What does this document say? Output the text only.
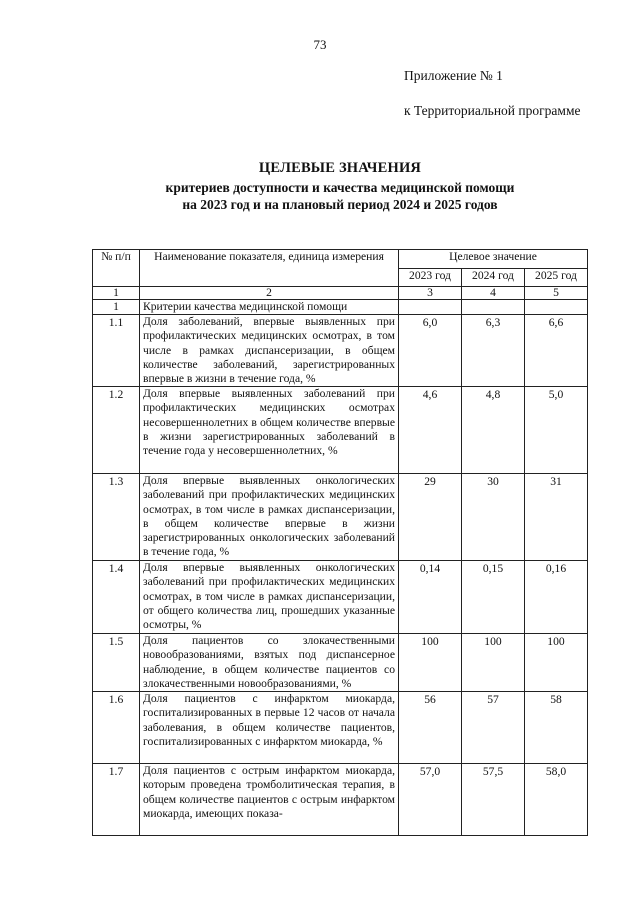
73
Приложение № 1
к Территориальной программе
ЦЕЛЕВЫЕ ЗНАЧЕНИЯ
критериев доступности и качества медицинской помощи
на 2023 год и на плановый период 2024 и 2025 годов
№ п/п	Наименование показателя, единица измерения	Целевое значение		
		2023 год	2024 год	2025 год
1	2	3	4	5
1	Критерии качества медицинской помощи			
1.1	Доля заболеваний, впервые выявленных при профилактических медицинских осмотрах, в том числе в рамках диспансеризации, в общем количестве заболеваний, зарегистрированных впервые в жизни в течение года, %	6,0	6,3	6,6
1.2	Доля впервые выявленных заболеваний при профилактических медицинских осмотрах несовершеннолетних в общем количестве впервые в жизни зарегистрированных заболеваний в течение года у несовершеннолетних, %	4,6	4,8	5,0
1.3	Доля впервые выявленных онкологических заболеваний при профилактических медицинских осмотрах, в том числе в рамках диспансеризации, в общем количестве впервые в жизни зарегистрированных онкологических заболеваний в течение года, %	29	30	31
1.4	Доля впервые выявленных онкологических заболеваний при профилактических медицинских осмотрах, в том числе в рамках диспансеризации, от общего количества лиц, прошедших указанные осмотры, %	0,14	0,15	0,16
1.5	Доля пациентов со злокачественными новообразованиями, взятых под диспансерное наблюдение, в общем количестве пациентов со злокачественными новообразованиями, %	100	100	100
1.6	Доля пациентов с инфарктом миокарда, госпитализированных в первые 12 часов от начала заболевания, в общем количестве пациентов, госпитализированных с инфарктом миокарда, %	56	57	58
1.7	Доля пациентов с острым инфарктом миокарда, которым проведена тромболитическая терапия, в общем количестве пациентов с острым инфарктом миокарда, имеющих показа-	57,0	57,5	58,0
